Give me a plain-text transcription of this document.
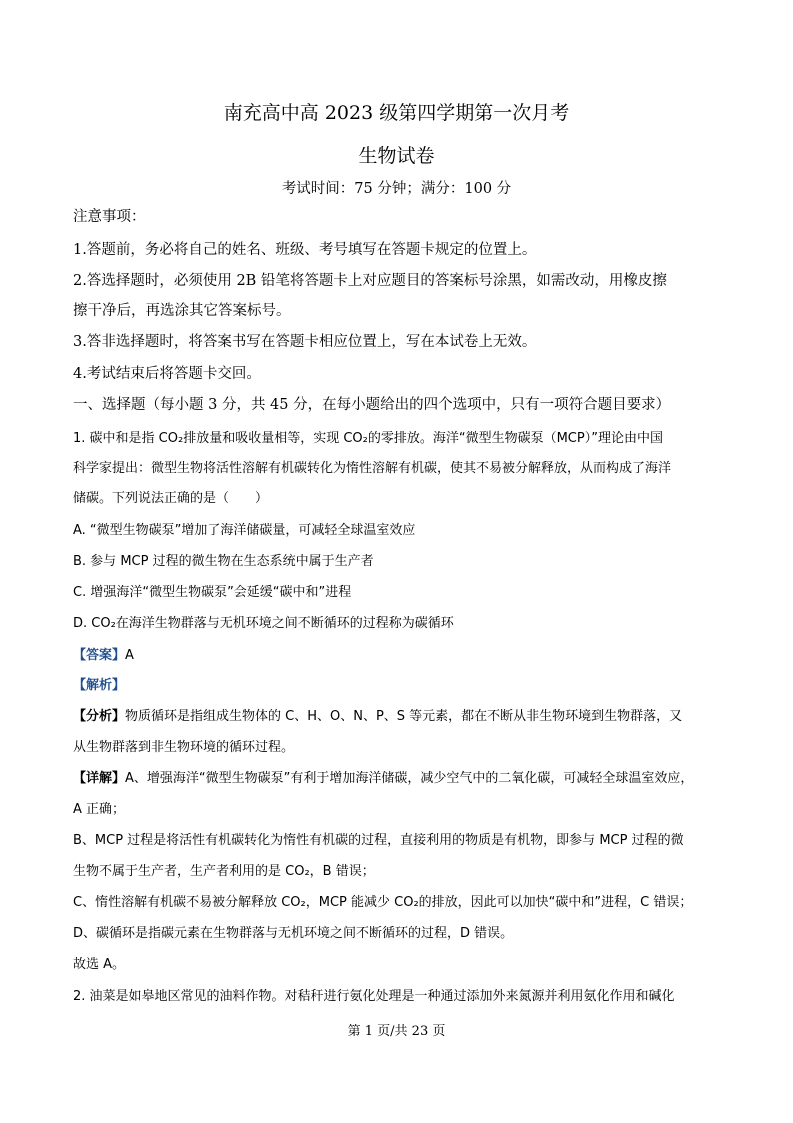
南充高中高 2023 级第四学期第一次月考
生物试卷
考试时间：75 分钟；满分：100 分
注意事项：
1.答题前，务必将自己的姓名、班级、考号填写在答题卡规定的位置上。
2.答选择题时，必须使用 2B 铅笔将答题卡上对应题目的答案标号涂黑，如需改动，用橡皮擦
擦干净后，再选涂其它答案标号。
3.答非选择题时，将答案书写在答题卡相应位置上，写在本试卷上无效。
4.考试结束后将答题卡交回。
一、选择题（每小题 3 分，共 45 分，在每小题给出的四个选项中，只有一项符合题目要求）
1. 碳中和是指 CO₂排放量和吸收量相等，实现 CO₂的零排放。海洋“微型生物碳泵（MCP）”理论由中国
科学家提出：微型生物将活性溶解有机碳转化为惰性溶解有机碳，使其不易被分解释放，从而构成了海洋
储碳。下列说法正确的是（　　）
A. “微型生物碳泵”增加了海洋储碳量，可减轻全球温室效应
B. 参与 MCP 过程的微生物在生态系统中属于生产者
C. 增强海洋“微型生物碳泵”会延缓“碳中和”进程
D. CO₂在海洋生物群落与无机环境之间不断循环的过程称为碳循环
【答案】A
【解析】
【分析】物质循环是指组成生物体的 C、H、O、N、P、S 等元素，都在不断从非生物环境到生物群落，又
从生物群落到非生物环境的循环过程。
【详解】A、增强海洋“微型生物碳泵”有利于增加海洋储碳，减少空气中的二氧化碳，可减轻全球温室效应，
A 正确；
B、MCP 过程是将活性有机碳转化为惰性有机碳的过程，直接利用的物质是有机物，即参与 MCP 过程的微
生物不属于生产者，生产者利用的是 CO₂，B 错误；
C、惰性溶解有机碳不易被分解释放 CO₂，MCP 能减少 CO₂的排放，因此可以加快“碳中和”进程，C 错误；
D、碳循环是指碳元素在生物群落与无机环境之间不断循环的过程，D 错误。
故选 A。
2. 油菜是如皋地区常见的油料作物。对秸秆进行氨化处理是一种通过添加外来氮源并利用氨化作用和碱化
第 1 页/共 23 页
